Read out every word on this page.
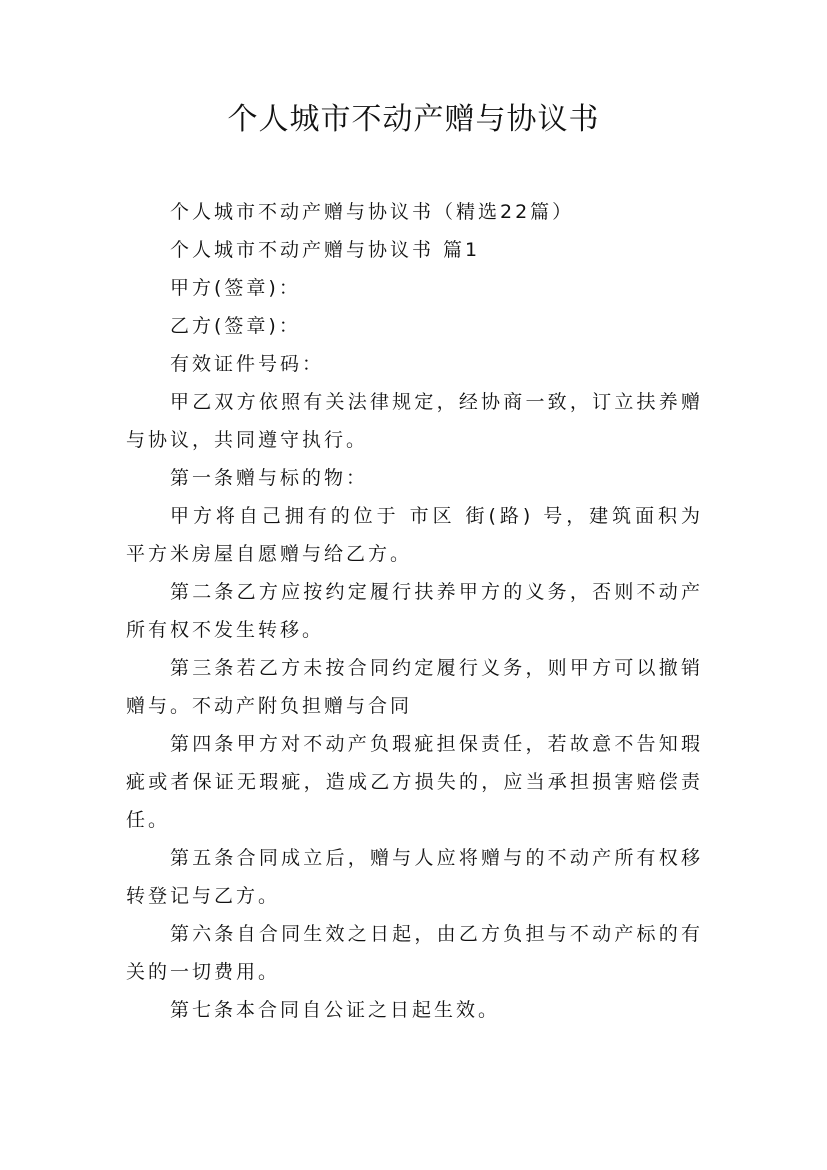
个人城市不动产赠与协议书

个人城市不动产赠与协议书（精选22篇）

个人城市不动产赠与协议书 篇1

甲方(签章)：

乙方(签章)：

有效证件号码：

甲乙双方依照有关法律规定，经协商一致，订立扶养赠与协议，共同遵守执行。

第一条赠与标的物：

甲方将自己拥有的位于 市区 街(路) 号，建筑面积为 平方米房屋自愿赠与给乙方。

第二条乙方应按约定履行扶养甲方的义务，否则不动产所有权不发生转移。

第三条若乙方未按合同约定履行义务，则甲方可以撤销赠与。不动产附负担赠与合同

第四条甲方对不动产负瑕疵担保责任，若故意不告知瑕疵或者保证无瑕疵，造成乙方损失的，应当承担损害赔偿责任。

第五条合同成立后，赠与人应将赠与的不动产所有权移转登记与乙方。

第六条自合同生效之日起，由乙方负担与不动产标的有关的一切费用。

第七条本合同自公证之日起生效。
